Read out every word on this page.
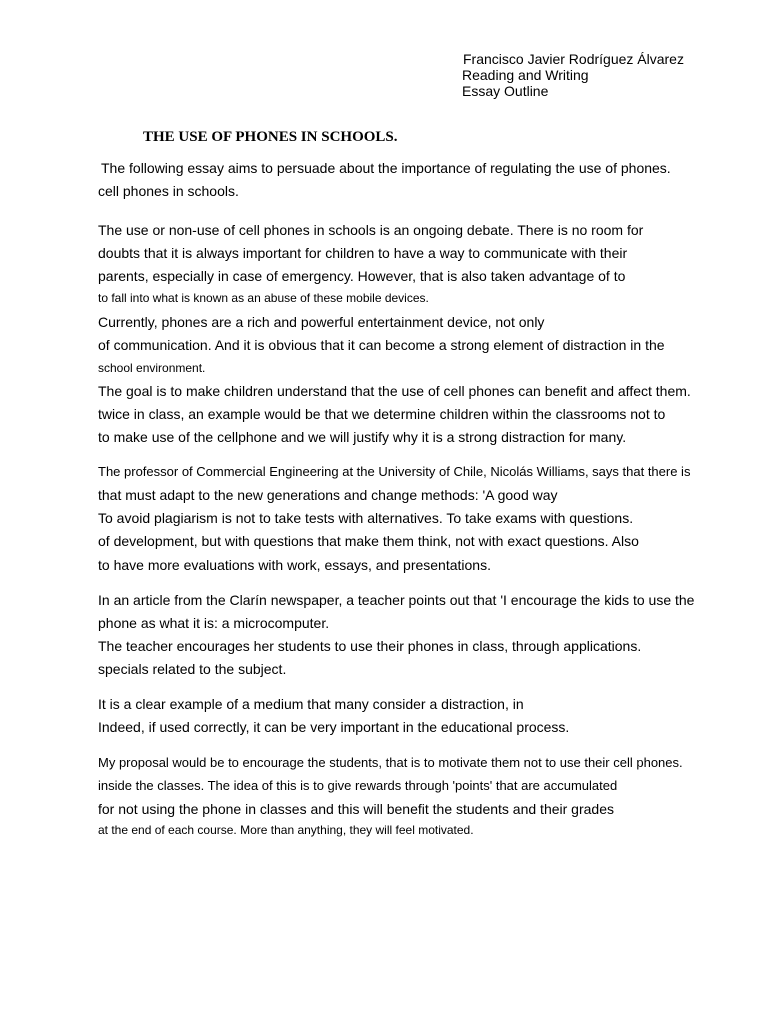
Francisco Javier Rodríguez Álvarez
Reading and Writing
Essay Outline
THE USE OF PHONES IN SCHOOLS.
The following essay aims to persuade about the importance of regulating the use of phones.
cell phones in schools.
The use or non-use of cell phones in schools is an ongoing debate. There is no room for
doubts that it is always important for children to have a way to communicate with their
parents, especially in case of emergency. However, that is also taken advantage of to
to fall into what is known as an abuse of these mobile devices.
Currently, phones are a rich and powerful entertainment device, not only
of communication. And it is obvious that it can become a strong element of distraction in the
school environment.
The goal is to make children understand that the use of cell phones can benefit and affect them.
twice in class, an example would be that we determine children within the classrooms not to
to make use of the cellphone and we will justify why it is a strong distraction for many.
The professor of Commercial Engineering at the University of Chile, Nicolás Williams, says that there is
that must adapt to the new generations and change methods: 'A good way
To avoid plagiarism is not to take tests with alternatives. To take exams with questions.
of development, but with questions that make them think, not with exact questions. Also
to have more evaluations with work, essays, and presentations.
In an article from the Clarín newspaper, a teacher points out that 'I encourage the kids to use the
phone as what it is: a microcomputer.
The teacher encourages her students to use their phones in class, through applications.
specials related to the subject.
It is a clear example of a medium that many consider a distraction, in
Indeed, if used correctly, it can be very important in the educational process.
My proposal would be to encourage the students, that is to motivate them not to use their cell phones.
inside the classes. The idea of this is to give rewards through 'points' that are accumulated
for not using the phone in classes and this will benefit the students and their grades
at the end of each course. More than anything, they will feel motivated.
